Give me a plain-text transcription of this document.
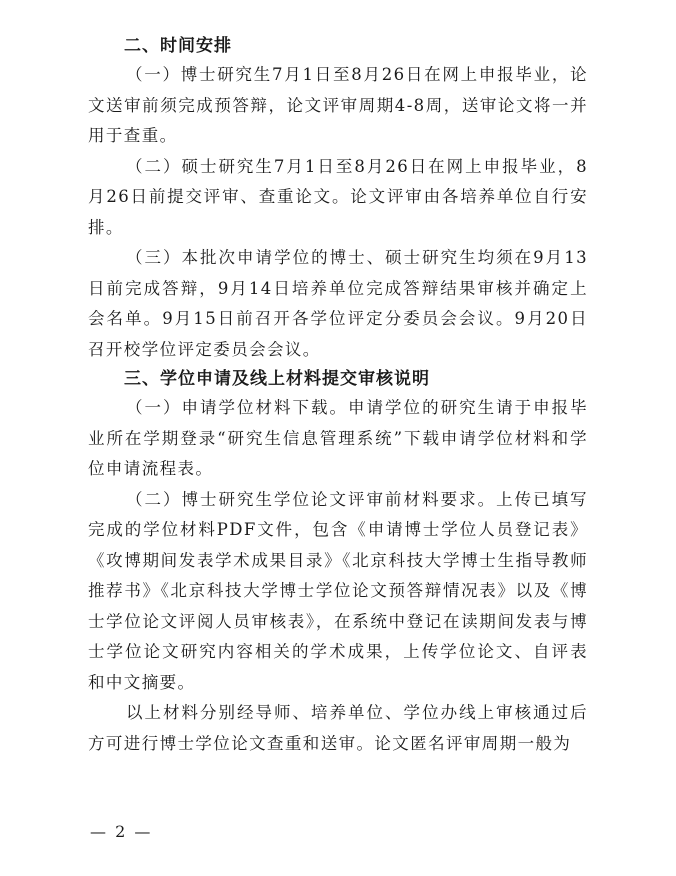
二、时间安排

（一）博士研究生7月1日至8月26日在网上申报毕业，论文送审前须完成预答辩，论文评审周期4-8周，送审论文将一并用于查重。

（二）硕士研究生7月1日至8月26日在网上申报毕业，8月26日前提交评审、查重论文。论文评审由各培养单位自行安排。

（三）本批次申请学位的博士、硕士研究生均须在9月13日前完成答辩，9月14日培养单位完成答辩结果审核并确定上会名单。9月15日前召开各学位评定分委员会会议。9月20日召开校学位评定委员会会议。

三、学位申请及线上材料提交审核说明

（一）申请学位材料下载。申请学位的研究生请于申报毕业所在学期登录“研究生信息管理系统”下载申请学位材料和学位申请流程表。

（二）博士研究生学位论文评审前材料要求。上传已填写完成的学位材料PDF文件，包含《申请博士学位人员登记表》《攻博期间发表学术成果目录》《北京科技大学博士生指导教师推荐书》《北京科技大学博士学位论文预答辩情况表》以及《博士学位论文评阅人员审核表》，在系统中登记在读期间发表与博士学位论文研究内容相关的学术成果，上传学位论文、自评表和中文摘要。

以上材料分别经导师、培养单位、学位办线上审核通过后方可进行博士学位论文查重和送审。论文匿名评审周期一般为

— 2 —
